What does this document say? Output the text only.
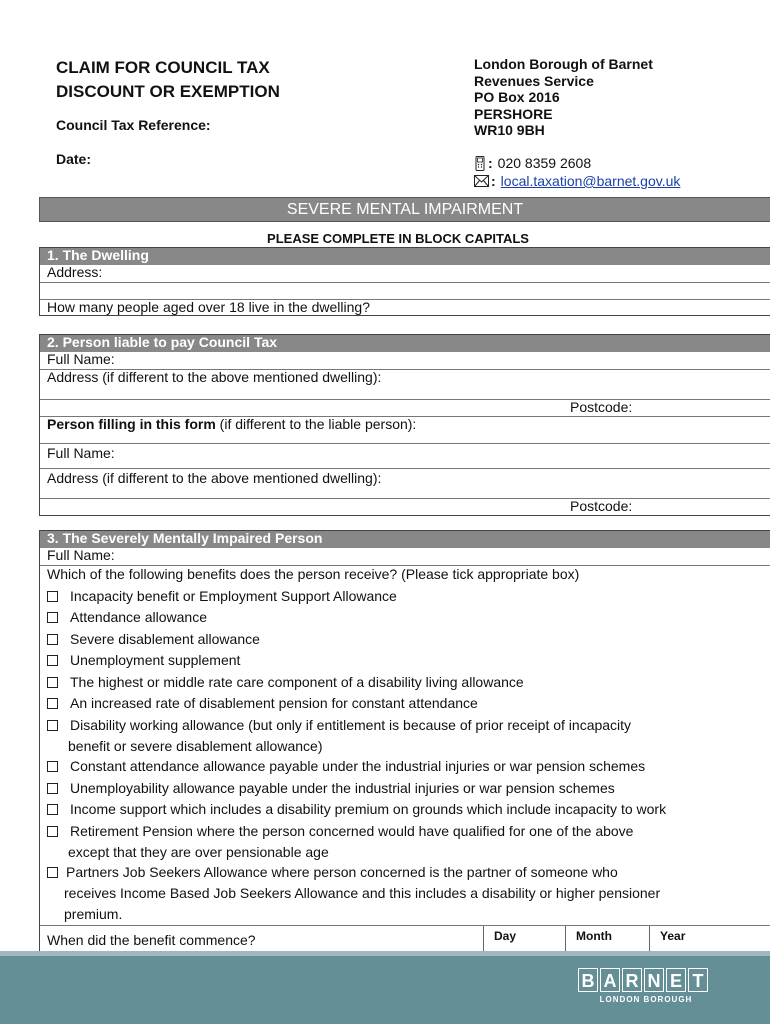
CLAIM FOR COUNCIL TAX
DISCOUNT OR EXEMPTION
Council Tax Reference:
Date:
London Borough of Barnet
Revenues Service
PO Box 2016
PERSHORE
WR10 9BH
: 020 8359 2608
: local.taxation@barnet.gov.uk
SEVERE MENTAL IMPAIRMENT
PLEASE COMPLETE IN BLOCK CAPITALS
1. The Dwelling
Address:
How many people aged over 18 live in the dwelling?
2. Person liable to pay Council Tax
Full Name:
Address (if different to the above mentioned dwelling):
Postcode:
Person filling in this form (if different to the liable person):
Full Name:
Address (if different to the above mentioned dwelling):
Postcode:
3. The Severely Mentally Impaired Person
Full Name:
Which of the following benefits does the person receive? (Please tick appropriate box)
Incapacity benefit or Employment Support Allowance
Attendance allowance
Severe disablement allowance
Unemployment supplement
The highest or middle rate care component of a disability living allowance
An increased rate of disablement pension for constant attendance
Disability working allowance (but only if entitlement is because of prior receipt of incapacity
benefit or severe disablement allowance)
Constant attendance allowance payable under the industrial injuries or war pension schemes
Unemployability allowance payable under the industrial injuries or war pension schemes
Income support which includes a disability premium on grounds which include incapacity to work
Retirement Pension where the person concerned would have qualified for one of the above
except that they are over pensionable age
Partners Job Seekers Allowance where person concerned is the partner of someone who
receives Income Based Job Seekers Allowance and this includes a disability or higher pensioner
premium.
When did the benefit commence?	Day	Month	Year
B A R N E T
LONDON BOROUGH
